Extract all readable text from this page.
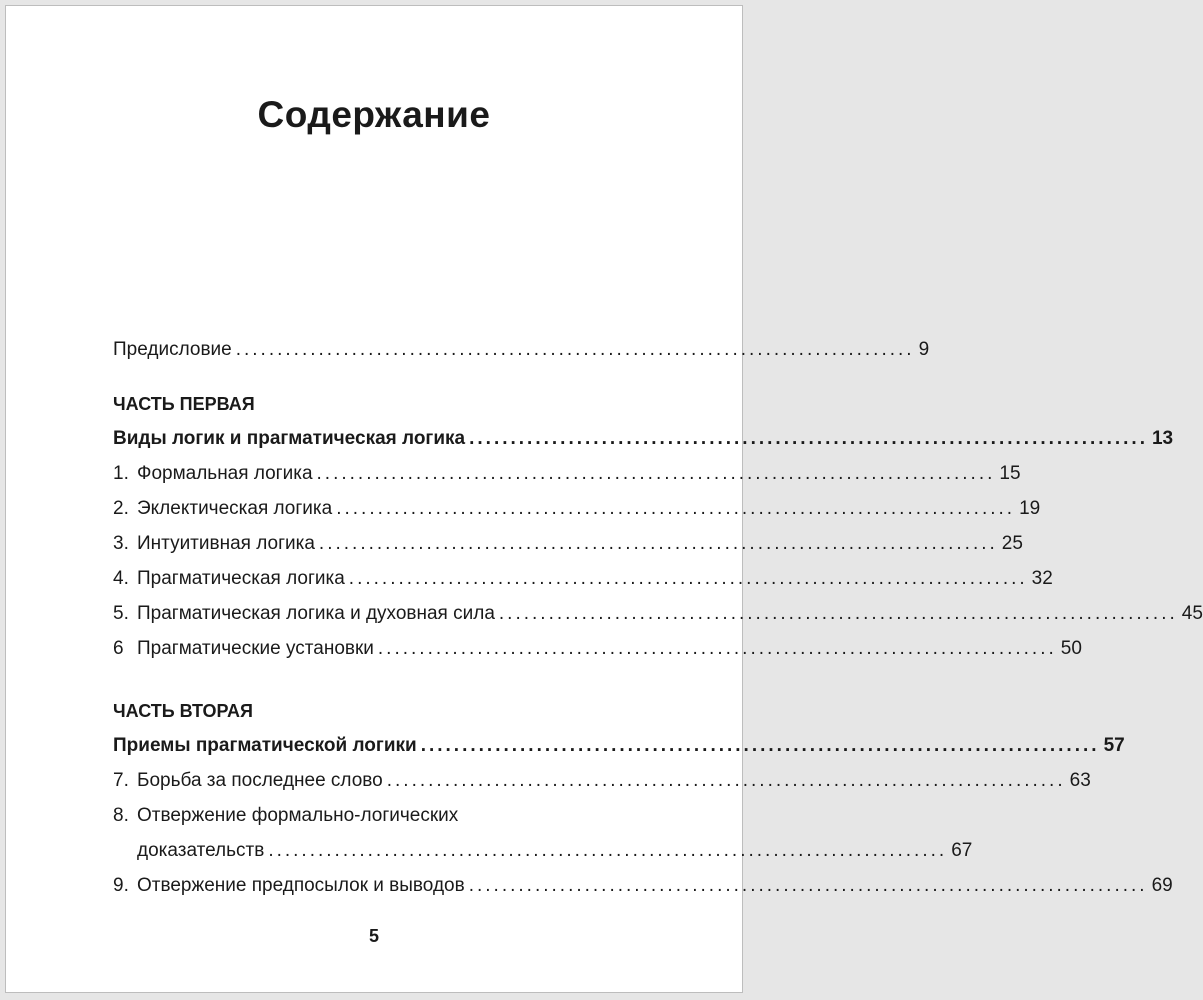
Содержание
Предисловие .................................................................................. 9
ЧАСТЬ ПЕРВАЯ
Виды логик и прагматическая логика .................................................................................. 13
1. Формальная логика .................................................................................. 15
2. Эклектическая логика .................................................................................. 19
3. Интуитивная логика .................................................................................. 25
4. Прагматическая логика .................................................................................. 32
5. Прагматическая логика и духовная сила .................................................................................. 45
6 Прагматические установки .................................................................................. 50
ЧАСТЬ ВТОРАЯ
Приемы прагматической логики .................................................................................. 57
7. Борьба за последнее слово .................................................................................. 63
8. Отвержение формально-логических
доказательств .................................................................................. 67
9. Отвержение предпосылок и выводов .................................................................................. 69
5
